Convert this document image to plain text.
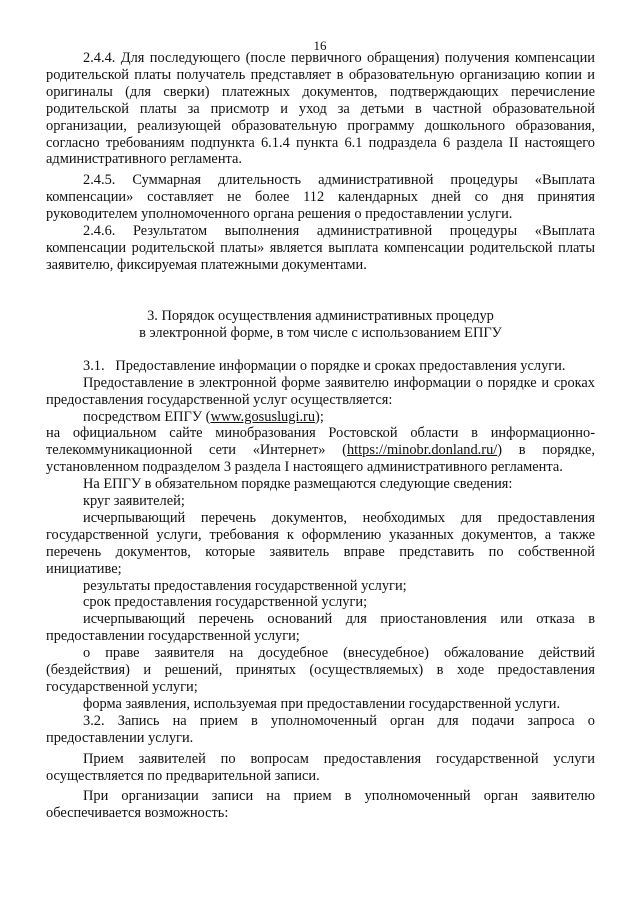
16

2.4.4. Для последующего (после первичного обращения) получения компенсации родительской платы получатель представляет в образовательную организацию копии и оригиналы (для сверки) платежных документов, подтверждающих перечисление родительской платы за присмотр и уход за детьми в частной образовательной организации, реализующей образовательную программу дошкольного образования, согласно требованиям подпункта 6.1.4 пункта 6.1 подраздела 6 раздела II настоящего административного регламента.

2.4.5. Суммарная длительность административной процедуры «Выплата компенсации» составляет не более 112 календарных дней со дня принятия руководителем уполномоченного органа решения о предоставлении услуги.

2.4.6. Результатом выполнения административной процедуры «Выплата компенсации родительской платы» является выплата компенсации родительской платы заявителю, фиксируемая платежными документами.

3. Порядок осуществления административных процедур
в электронной форме, в том числе с использованием ЕПГУ

3.1.   Предоставление информации о порядке и сроках предоставления услуги.

Предоставление в электронной форме заявителю информации о порядке и сроках предоставления государственной услуг осуществляется:

посредством ЕПГУ (www.gosuslugi.ru);

на официальном сайте минобразования Ростовской области в информационно-телекоммуникационной сети «Интернет» (https://minobr.donland.ru/) в порядке, установленном подразделом 3 раздела I настоящего административного регламента.

На ЕПГУ в обязательном порядке размещаются следующие сведения:

круг заявителей;

исчерпывающий перечень документов, необходимых для предоставления государственной услуги, требования к оформлению указанных документов, а также перечень документов, которые заявитель вправе представить по собственной инициативе;

результаты предоставления государственной услуги;

срок предоставления государственной услуги;

исчерпывающий перечень оснований для приостановления или отказа в предоставлении государственной услуги;

о праве заявителя на досудебное (внесудебное) обжалование действий (бездействия) и решений, принятых (осуществляемых) в ходе предоставления государственной услуги;

форма заявления, используемая при предоставлении государственной услуги.

3.2. Запись на прием в уполномоченный орган для подачи запроса о предоставлении услуги.

Прием заявителей по вопросам предоставления государственной услуги осуществляется по предварительной записи.

При организации записи на прием в уполномоченный орган заявителю обеспечивается возможность:
